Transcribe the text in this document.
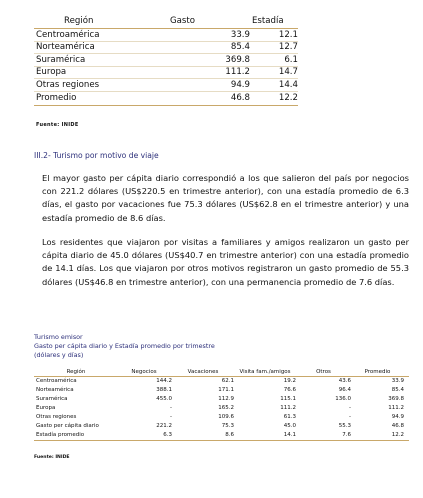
Región	Gasto	Estadía
Centroamérica	33.9	12.1
Norteamérica	85.4	12.7
Suramérica	369.8	6.1
Europa	111.2	14.7
Otras regiones	94.9	14.4
Promedio	46.8	12.2
Fuente: INIDE
III.2- Turismo por motivo de viaje
El mayor gasto per cápita diario correspondió a los que salieron del país por negocios con 221.2 dólares (US$220.5 en trimestre anterior), con una estadía promedio de 6.3 días, el gasto por vacaciones fue 75.3 dólares (US$62.8 en el trimestre anterior) y una estadía promedio de 8.6 días.
Los residentes que viajaron por visitas a familiares y amigos realizaron un gasto per cápita diario de 45.0 dólares (US$40.7 en trimestre anterior) con una estadía promedio de 14.1 días. Los que viajaron por otros motivos registraron un gasto promedio de 55.3 dólares (US$46.8 en trimestre anterior), con una permanencia promedio de 7.6 días.
Turismo emisor
Gasto per cápita diario y Estadía promedio por trimestre
(dólares y días)
Región	Negocios	Vacaciones	Visita fam./amigos	Otros	Promedio
Centroamérica	144.2	62.1	19.2	43.6	33.9
Norteamérica	388.1	171.1	76.6	96.4	85.4
Suramérica	455.0	112.9	115.1	136.0	369.8
Europa	-	165.2	111.2	-	111.2
Otras regiones	-	109.6	61.3	-	94.9
Gasto per cápita diario	221.2	75.3	45.0	55.3	46.8
Estadía promedio	6.3	8.6	14.1	7.6	12.2
Fuente: INIDE
